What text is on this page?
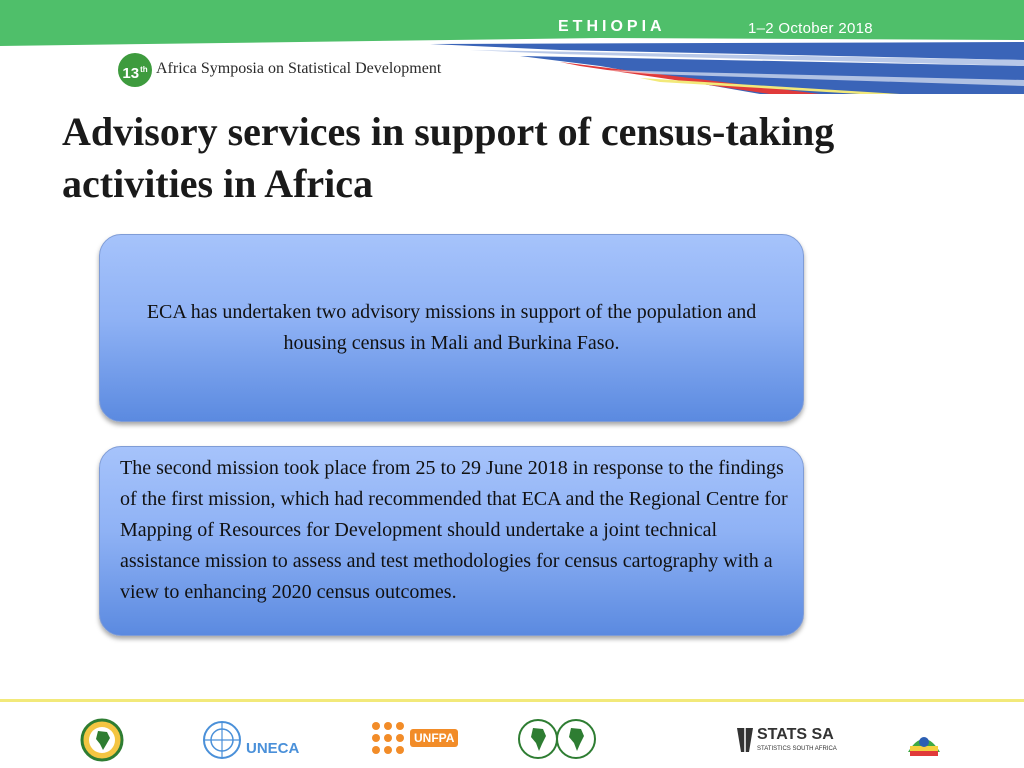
ETHIOPIA	1–2 October 2018
13th Africa Symposia on Statistical Development
Advisory services in support of census-taking activities in Africa
ECA has undertaken two advisory missions in support of the population and housing census in Mali and Burkina Faso.
The second mission took place from 25 to 29 June 2018 in response to the findings of the first mission, which had recommended that ECA and the Regional Centre for Mapping of Resources for Development should undertake a joint technical assistance mission to assess and test methodologies for census cartography with a view to enhancing 2020 census outcomes.
UNECA
UNFPA	STATS SA
STATISTICS SOUTH AFRICA
